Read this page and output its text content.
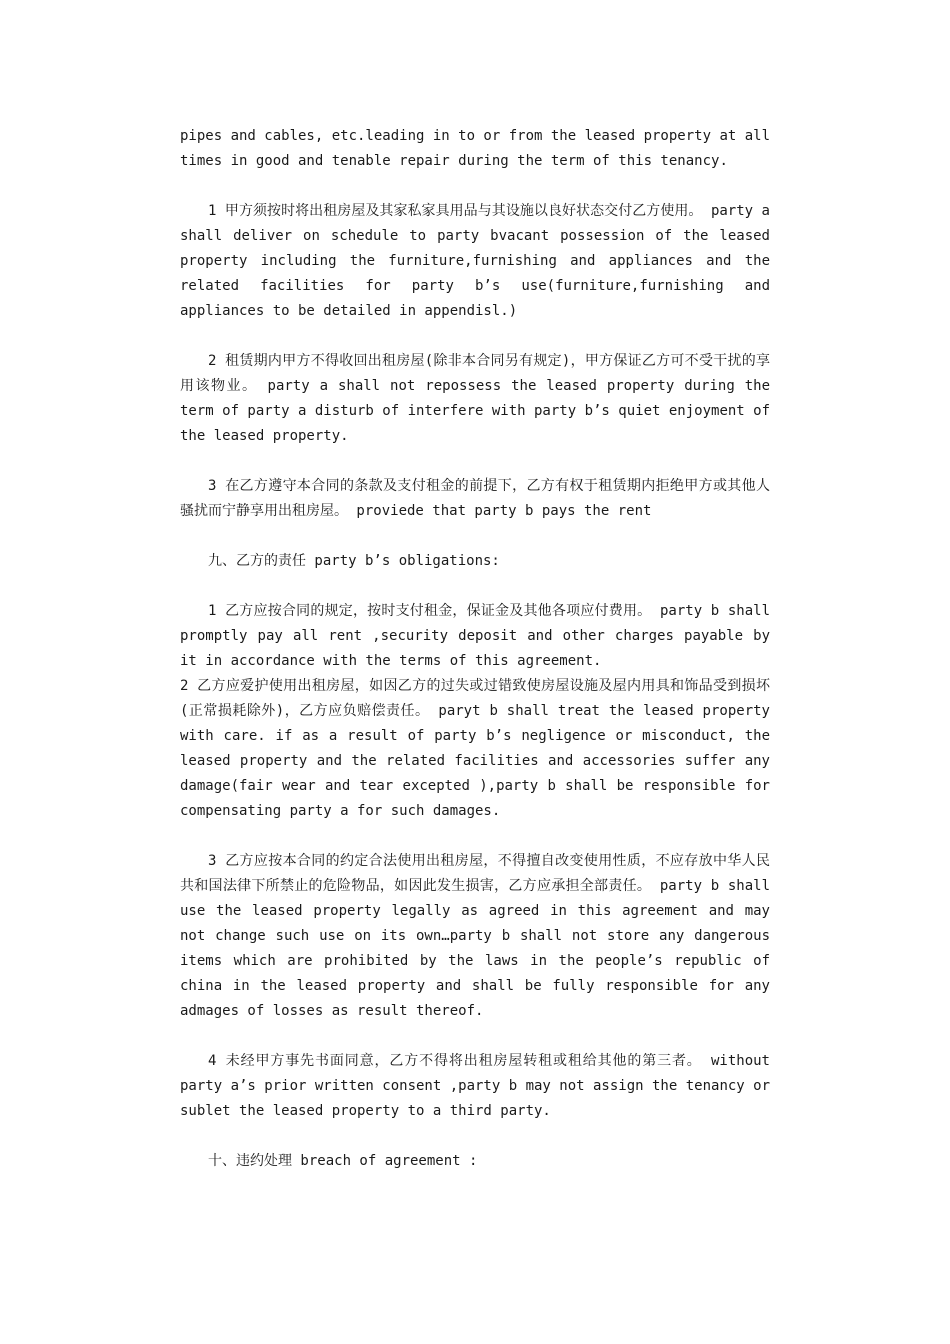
pipes and cables, etc.leading in to or from the leased property at all times in good and tenable repair during the term of this tenancy.

1 甲方须按时将出租房屋及其家私家具用品与其设施以良好状态交付乙方使用。 party a shall deliver on schedule to party bvacant possession of the leased property including the furniture,furnishing and appliances and the related facilities for party b’s use(furniture,furnishing and appliances to be detailed in appendisl.)

2 租赁期内甲方不得收回出租房屋(除非本合同另有规定)，甲方保证乙方可不受干扰的享用该物业。 party a shall not repossess the leased property during the term of party a disturb of interfere with party b’s quiet enjoyment of the leased property.

3 在乙方遵守本合同的条款及支付租金的前提下，乙方有权于租赁期内拒绝甲方或其他人骚扰而宁静享用出租房屋。 proviede that party b pays the rent

九、乙方的责任 party b’s obligations:

1 乙方应按合同的规定，按时支付租金，保证金及其他各项应付费用。 party b shall promptly pay all rent ,security deposit and other charges payable by it in accordance with the terms of this agreement.

2 乙方应爱护使用出租房屋，如因乙方的过失或过错致使房屋设施及屋内用具和饰品受到损坏(正常损耗除外)，乙方应负赔偿责任。 paryt b shall treat the leased property with care. if as a result of party b’s negligence or misconduct, the leased property and the related facilities and accessories suffer any damage(fair wear and tear excepted ),party b shall be responsible for compensating party a for such damages.

3 乙方应按本合同的约定合法使用出租房屋，不得擅自改变使用性质，不应存放中华人民共和国法律下所禁止的危险物品，如因此发生损害，乙方应承担全部责任。 party b shall use the leased property legally as agreed in this agreement and may not change such use on its own…party b shall not store any dangerous items which are prohibited by the laws in the people’s republic of china in the leased property and shall be fully responsible for any admages of losses as result thereof.

4 未经甲方事先书面同意，乙方不得将出租房屋转租或租给其他的第三者。 without party a’s prior written consent ,party b may not assign the tenancy or sublet the leased property to a third party.

十、违约处理 breach of agreement :
